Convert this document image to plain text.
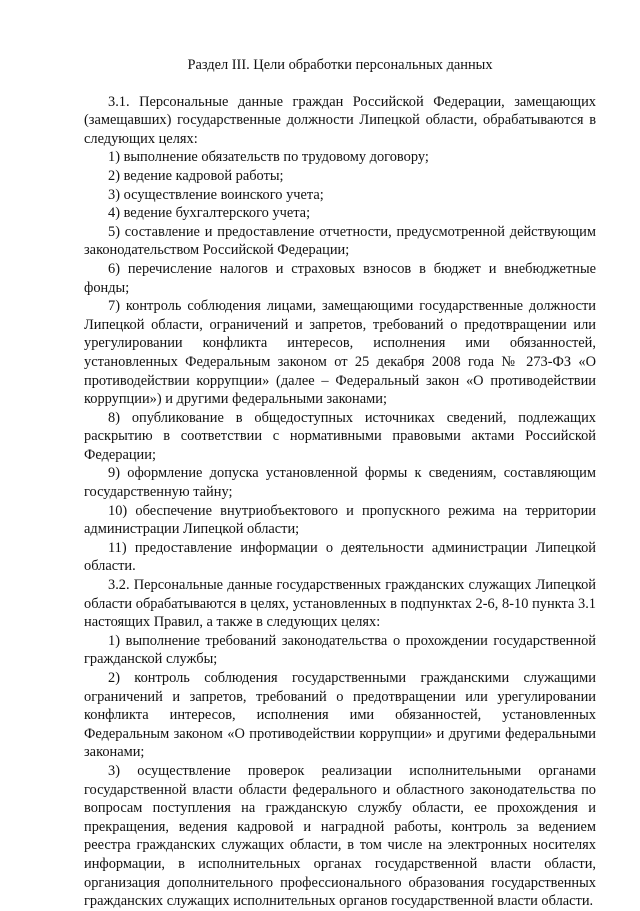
Раздел III. Цели обработки персональных данных

3.1. Персональные данные граждан Российской Федерации, замещающих (замещавших) государственные должности Липецкой области, обрабатываются в следующих целях:

1) выполнение обязательств по трудовому договору;

2) ведение кадровой работы;

3) осуществление воинского учета;

4) ведение бухгалтерского учета;

5) составление и предоставление отчетности, предусмотренной действующим законодательством Российской Федерации;

6) перечисление налогов и страховых взносов в бюджет и внебюджетные фонды;

7) контроль соблюдения лицами, замещающими государственные должности Липецкой области, ограничений и запретов, требований о предотвращении или урегулировании конфликта интересов, исполнения ими обязанностей, установленных Федеральным законом от 25 декабря 2008 года № 273-ФЗ «О противодействии коррупции» (далее – Федеральный закон «О противодействии коррупции») и другими федеральными законами;

8) опубликование в общедоступных источниках сведений, подлежащих раскрытию в соответствии с нормативными правовыми актами Российской Федерации;

9) оформление допуска установленной формы к сведениям, составляющим государственную тайну;

10) обеспечение внутриобъектового и пропускного режима на территории администрации Липецкой области;

11) предоставление информации о деятельности администрации Липецкой области.

3.2. Персональные данные государственных гражданских служащих Липецкой области обрабатываются в целях, установленных в подпунктах 2-6, 8-10 пункта 3.1 настоящих Правил, а также в следующих целях:

1) выполнение требований законодательства о прохождении государственной гражданской службы;

2) контроль соблюдения государственными гражданскими служащими ограничений и запретов, требований о предотвращении или урегулировании конфликта интересов, исполнения ими обязанностей, установленных Федеральным законом «О противодействии коррупции» и другими федеральными законами;

3) осуществление проверок реализации исполнительными органами государственной власти области федерального и областного законодательства по вопросам поступления на гражданскую службу области, ее прохождения и прекращения, ведения кадровой и наградной работы, контроль за ведением реестра гражданских служащих области, в том числе на электронных носителях информации, в исполнительных органах государственной власти области, организация дополнительного профессионального образования государственных гражданских служащих исполнительных органов государственной власти области.
